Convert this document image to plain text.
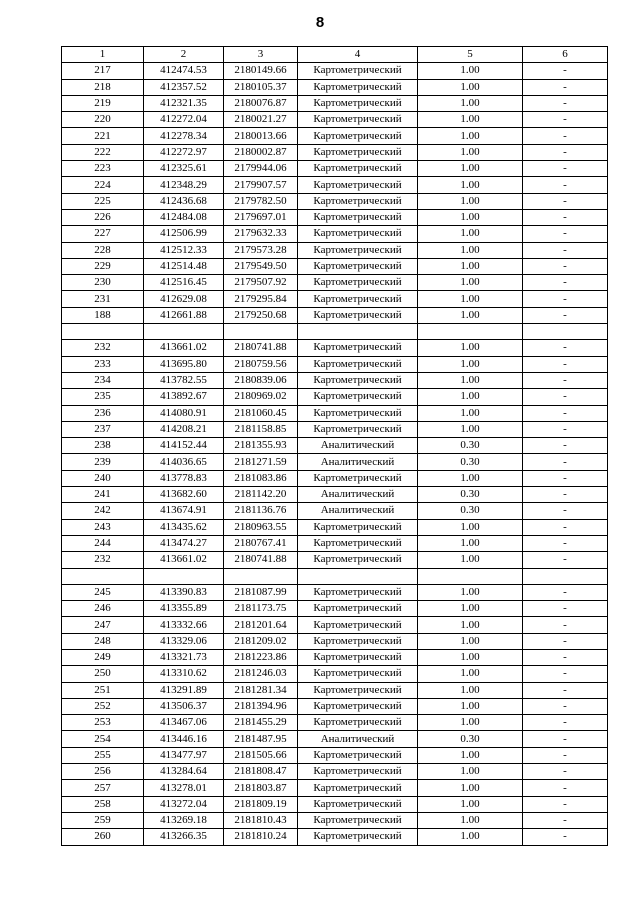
8
1	2	3	4	5	6
217	412474.53	2180149.66	Картометрический	1.00	-
218	412357.52	2180105.37	Картометрический	1.00	-
219	412321.35	2180076.87	Картометрический	1.00	-
220	412272.04	2180021.27	Картометрический	1.00	-
221	412278.34	2180013.66	Картометрический	1.00	-
222	412272.97	2180002.87	Картометрический	1.00	-
223	412325.61	2179944.06	Картометрический	1.00	-
224	412348.29	2179907.57	Картометрический	1.00	-
225	412436.68	2179782.50	Картометрический	1.00	-
226	412484.08	2179697.01	Картометрический	1.00	-
227	412506.99	2179632.33	Картометрический	1.00	-
228	412512.33	2179573.28	Картометрический	1.00	-
229	412514.48	2179549.50	Картометрический	1.00	-
230	412516.45	2179507.92	Картометрический	1.00	-
231	412629.08	2179295.84	Картометрический	1.00	-
188	412661.88	2179250.68	Картометрический	1.00	-

232	413661.02	2180741.88	Картометрический	1.00	-
233	413695.80	2180759.56	Картометрический	1.00	-
234	413782.55	2180839.06	Картометрический	1.00	-
235	413892.67	2180969.02	Картометрический	1.00	-
236	414080.91	2181060.45	Картометрический	1.00	-
237	414208.21	2181158.85	Картометрический	1.00	-
238	414152.44	2181355.93	Аналитический	0.30	-
239	414036.65	2181271.59	Аналитический	0.30	-
240	413778.83	2181083.86	Картометрический	1.00	-
241	413682.60	2181142.20	Аналитический	0.30	-
242	413674.91	2181136.76	Аналитический	0.30	-
243	413435.62	2180963.55	Картометрический	1.00	-
244	413474.27	2180767.41	Картометрический	1.00	-
232	413661.02	2180741.88	Картометрический	1.00	-

245	413390.83	2181087.99	Картометрический	1.00	-
246	413355.89	2181173.75	Картометрический	1.00	-
247	413332.66	2181201.64	Картометрический	1.00	-
248	413329.06	2181209.02	Картометрический	1.00	-
249	413321.73	2181223.86	Картометрический	1.00	-
250	413310.62	2181246.03	Картометрический	1.00	-
251	413291.89	2181281.34	Картометрический	1.00	-
252	413506.37	2181394.96	Картометрический	1.00	-
253	413467.06	2181455.29	Картометрический	1.00	-
254	413446.16	2181487.95	Аналитический	0.30	-
255	413477.97	2181505.66	Картометрический	1.00	-
256	413284.64	2181808.47	Картометрический	1.00	-
257	413278.01	2181803.87	Картометрический	1.00	-
258	413272.04	2181809.19	Картометрический	1.00	-
259	413269.18	2181810.43	Картометрический	1.00	-
260	413266.35	2181810.24	Картометрический	1.00	-
